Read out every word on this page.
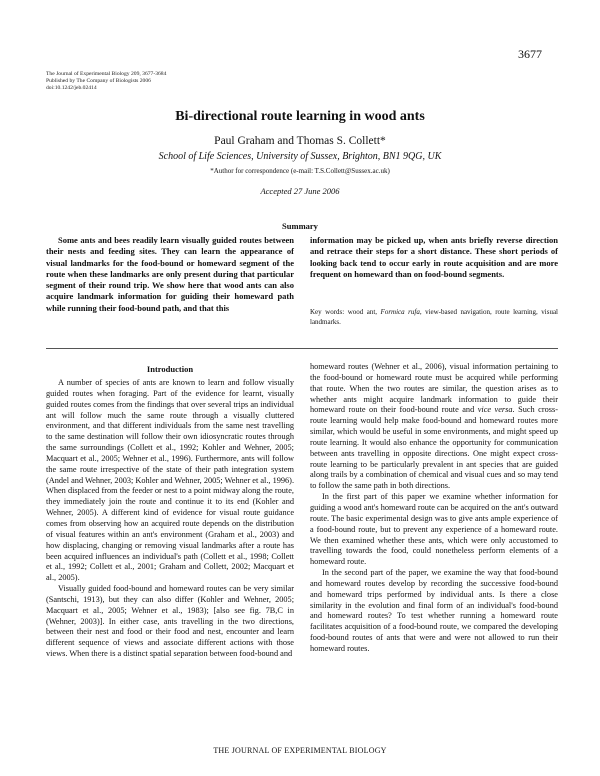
3677
The Journal of Experimental Biology 209, 3677-3684
Published by The Company of Biologists 2006
doi:10.1242/jeb.02414
Bi-directional route learning in wood ants
Paul Graham and Thomas S. Collett*
School of Life Sciences, University of Sussex, Brighton, BN1 9QG, UK
*Author for correspondence (e-mail: T.S.Collett@Sussex.ac.uk)
Accepted 27 June 2006
Summary
Some ants and bees readily learn visually guided routes between their nests and feeding sites. They can learn the appearance of visual landmarks for the food-bound or homeward segment of the route when these landmarks are only present during that particular segment of their round trip. We show here that wood ants can also acquire landmark information for guiding their homeward path while running their food-bound path, and that this
information may be picked up, when ants briefly reverse direction and retrace their steps for a short distance. These short periods of looking back tend to occur early in route acquisition and are more frequent on homeward than on food-bound segments.
Key words: wood ant, Formica rufa, view-based navigation, route learning, visual landmarks.
Introduction

A number of species of ants are known to learn and follow visually guided routes when foraging. Part of the evidence for learnt, visually guided routes comes from the findings that over several trips an individual ant will follow much the same route through a visually cluttered environment, and that different individuals from the same nest travelling to the same destination will follow their own idiosyncratic routes through the same surroundings (Collett et al., 1992; Kohler and Wehner, 2005; Macquart et al., 2005; Wehner et al., 1996). Furthermore, ants will follow the same route irrespective of the state of their path integration system (Andel and Wehner, 2003; Kohler and Wehner, 2005; Wehner et al., 1996). When displaced from the feeder or nest to a point midway along the route, they immediately join the route and continue it to its end (Kohler and Wehner, 2005). A different kind of evidence for visual route guidance comes from observing how an acquired route depends on the distribution of visual features within an ant's environment (Graham et al., 2003) and how displacing, changing or removing visual landmarks after a route has been acquired influences an individual's path (Collett et al., 1998; Collett et al., 1992; Collett et al., 2001; Graham and Collett, 2002; Macquart et al., 2005).

Visually guided food-bound and homeward routes can be very similar (Santschi, 1913), but they can also differ (Kohler and Wehner, 2005; Macquart et al., 2005; Wehner et al., 1983); [also see fig. 7B,C in (Wehner, 2003)]. In either case, ants travelling in the two directions, between their nest and food or their food and nest, encounter and learn different sequence of views and associate different actions with those views. When there is a distinct spatial separation between food-bound and

homeward routes (Wehner et al., 2006), visual information pertaining to the food-bound or homeward route must be acquired while performing that route. When the two routes are similar, the question arises as to whether ants might acquire landmark information to guide their homeward route on their food-bound route and vice versa. Such cross-route learning would help make food-bound and homeward routes more similar, which would be useful in some environments, and might speed up route learning. It would also enhance the opportunity for communication between ants travelling in opposite directions. One might expect cross-route learning to be particularly prevalent in ant species that are guided along trails by a combination of chemical and visual cues and so may tend to follow the same path in both directions.

In the first part of this paper we examine whether information for guiding a wood ant's homeward route can be acquired on the ant's outward route. The basic experimental design was to give ants ample experience of a food-bound route, but to prevent any experience of a homeward route. We then examined whether these ants, which were only accustomed to travelling towards the food, could nonetheless perform elements of a homeward route.

In the second part of the paper, we examine the way that food-bound and homeward routes develop by recording the successive food-bound and homeward trips performed by individual ants. Is there a close similarity in the evolution and final form of an individual's food-bound and homeward routes? To test whether running a homeward route facilitates acquisition of a food-bound route, we compared the developing food-bound routes of ants that were and were not allowed to run their homeward routes.

THE JOURNAL OF EXPERIMENTAL BIOLOGY
